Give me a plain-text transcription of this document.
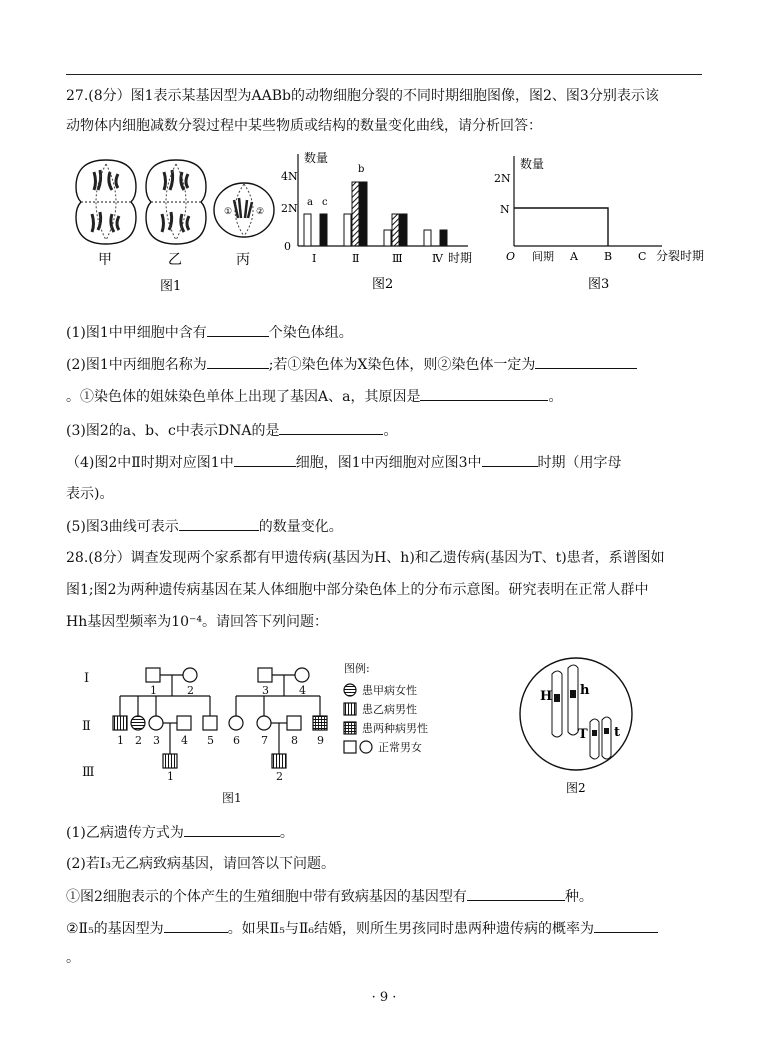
27.(8分）图1表示某基因型为AABb的动物细胞分裂的不同时期细胞图像，图2、图3分别表示该
动物体内细胞减数分裂过程中某些物质或结构的数量变化曲线，请分析回答：
①	②
甲	乙	丙
图1
数量
0
2N
4N
时期
a
b
c
Ⅰ	Ⅱ	Ⅲ	Ⅳ
图2
数量
2N
N
O 间期 A B C 分裂时期
图3
(1)图1中甲细胞中含有	个染色体组。
(2)图1中丙细胞名称为	;若①染色体为X染色体，则②染色体一定为
。①染色体的姐妹染色单体上出现了基因A、a，其原因是	。
(3)图2的a、b、c中表示DNA的是	。
（4)图2中Ⅱ时期对应图1中	细胞，图1中丙细胞对应图3中	时期（用字母
表示)。
(5)图3曲线可表示	的数量变化。
28.(8分）调查发现两个家系都有甲遗传病(基因为H、h)和乙遗传病(基因为T、t)患者，系谱图如
图1;图2为两种遗传病基因在某人体细胞中部分染色体上的分布示意图。研究表明在正常人群中
Hh基因型频率为10⁻⁴。请回答下列问题：
Ⅰ
Ⅱ
Ⅲ
图例:
患甲病女性
患乙病男性
患两种病男性
正常男女
1	2	3	4
1 2 3 4 5 6 7 8 9
1	2
图1
H h
T t
图2
(1)乙病遗传方式为	。
(2)若I₃无乙病致病基因，请回答以下问题。
①图2细胞表示的个体产生的生殖细胞中带有致病基因的基因型有	种。
②Ⅱ₅的基因型为	。如果Ⅱ₅与Ⅱ₆结婚，则所生男孩同时患两种遗传病的概率为
。
· 9 ·
